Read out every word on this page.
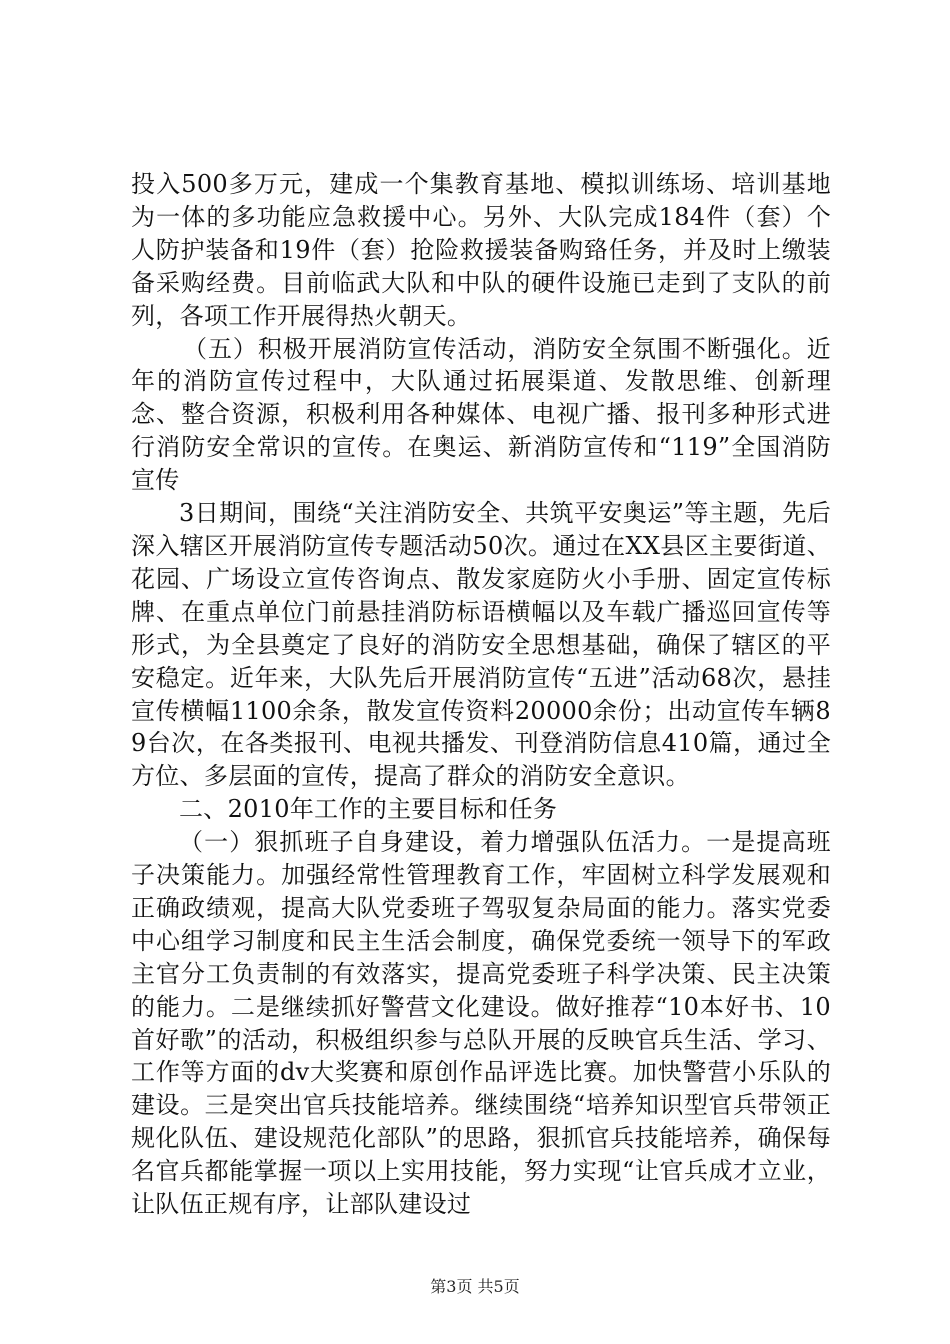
投入500多万元，建成一个集教育基地、模拟训练场、培训基地为一体的多功能应急救援中心。另外、大队完成184件（套）个人防护装备和19件（套）抢险救援装备购臵任务，并及时上缴装备采购经费。目前临武大队和中队的硬件设施已走到了支队的前列，各项工作开展得热火朝天。

（五）积极开展消防宣传活动，消防安全氛围不断强化。近年的消防宣传过程中，大队通过拓展渠道、发散思维、创新理念、整合资源，积极利用各种媒体、电视广播、报刊多种形式进行消防安全常识的宣传。在奥运、新消防宣传和“119”全国消防宣传

3日期间，围绕“关注消防安全、共筑平安奥运”等主题，先后深入辖区开展消防宣传专题活动50次。通过在XX县区主要街道、花园、广场设立宣传咨询点、散发家庭防火小手册、固定宣传标牌、在重点单位门前悬挂消防标语横幅以及车载广播巡回宣传等形式，为全县奠定了良好的消防安全思想基础，确保了辖区的平安稳定。近年来，大队先后开展消防宣传“五进”活动68次，悬挂宣传横幅1100余条，散发宣传资料20000余份；出动宣传车辆89台次，在各类报刊、电视共播发、刊登消防信息410篇，通过全方位、多层面的宣传，提高了群众的消防安全意识。

二、2010年工作的主要目标和任务

（一）狠抓班子自身建设，着力增强队伍活力。一是提高班子决策能力。加强经常性管理教育工作，牢固树立科学发展观和正确政绩观，提高大队党委班子驾驭复杂局面的能力。落实党委中心组学习制度和民主生活会制度，确保党委统一领导下的军政主官分工负责制的有效落实，提高党委班子科学决策、民主决策的能力。二是继续抓好警营文化建设。做好推荐“10本好书、10首好歌”的活动，积极组织参与总队开展的反映官兵生活、学习、工作等方面的dv大奖赛和原创作品评选比赛。加快警营小乐队的建设。三是突出官兵技能培养。继续围绕“培养知识型官兵带领正规化队伍、建设规范化部队”的思路，狠抓官兵技能培养，确保每名官兵都能掌握一项以上实用技能，努力实现“让官兵成才立业，让队伍正规有序，让部队建设过

第3页 共5页
